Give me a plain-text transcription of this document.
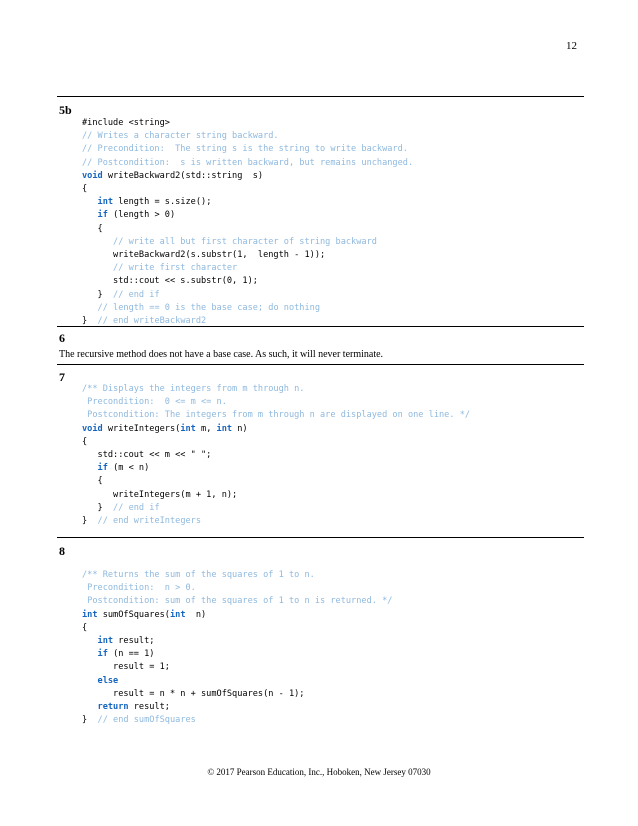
12
5b
#include <string>
// Writes a character string backward.
// Precondition:  The string s is the string to write backward.
// Postcondition:  s is written backward, but remains unchanged.
void writeBackward2(std::string  s)
{
int length = s.size();
if (length > 0)
{
// write all but first character of string backward
writeBackward2(s.substr(1,  length - 1));
// write first character
std::cout << s.substr(0, 1);
}  // end if
// length == 0 is the base case; do nothing
}  // end writeBackward2
6
The recursive method does not have a base case. As such, it will never terminate.
7
/** Displays the integers from m through n.
Precondition:  0 <= m <= n.
Postcondition: The integers from m through n are displayed on one line. */
void writeIntegers(int m, int n)
{
std::cout << m << " ";
if (m < n)
{
writeIntegers(m + 1, n);
}  // end if
}  // end writeIntegers
8
/** Returns the sum of the squares of 1 to n.
Precondition:  n > 0.
Postcondition: sum of the squares of 1 to n is returned. */
int sumOfSquares(int  n)
{
int result;
if (n == 1)
result = 1;
else
result = n * n + sumOfSquares(n - 1);
return result;
}  // end sumOfSquares
© 2017 Pearson Education, Inc., Hoboken, New Jersey 07030
